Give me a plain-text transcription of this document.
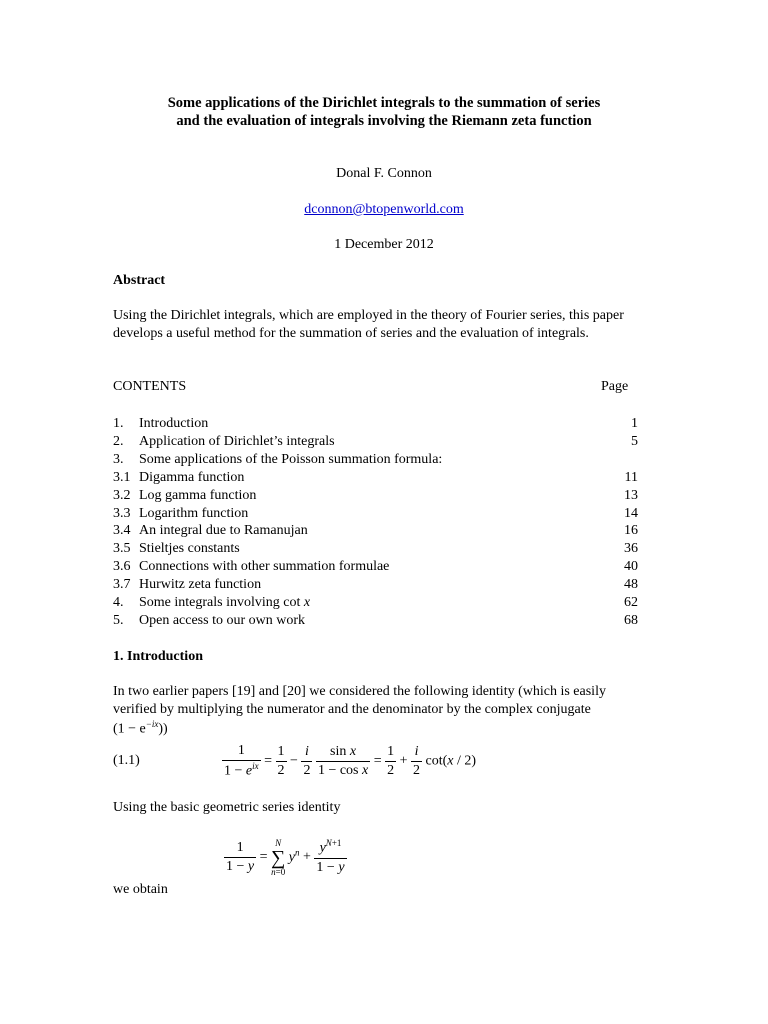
Some applications of the Dirichlet integrals to the summation of series
and the evaluation of integrals involving the Riemann zeta function
Donal F. Connon
dconnon@btopenworld.com
1 December 2012
Abstract
Using the Dirichlet integrals, which are employed in the theory of Fourier series, this paper develops a useful method for the summation of series and the evaluation of integrals.
CONTENTS	Page
1. Introduction	1
2. Application of Dirichlet’s integrals	5
3. Some applications of the Poisson summation formula:
3.1 Digamma function	11
3.2 Log gamma function	13
3.3 Logarithm function	14
3.4 An integral due to Ramanujan	16
3.5 Stieltjes constants	36
3.6 Connections with other summation formulae	40
3.7 Hurwitz zeta function	48
4. Some integrals involving cot x	62
5. Open access to our own work	68
1. Introduction
In two earlier papers [19] and [20] we considered the following identity (which is easily verified by multiplying the numerator and the denominator by the complex conjugate
$(1 - e^{-ix})$)
(1.1)	$\frac{1}{1 - e^{ix}} = \frac{1}{2} - \frac{i}{2}$
$\frac{\text{sin x}}{\text{1 − cos x}} = \frac{1}{2} + \frac{i}{2} \cot(x / 2)$
Using the basic geometric series identity
$\frac{1}{1 - y}$ =
N
∑
n=0
$y^n + \frac{y^{N+1}}{1 - y}$
we obtain
